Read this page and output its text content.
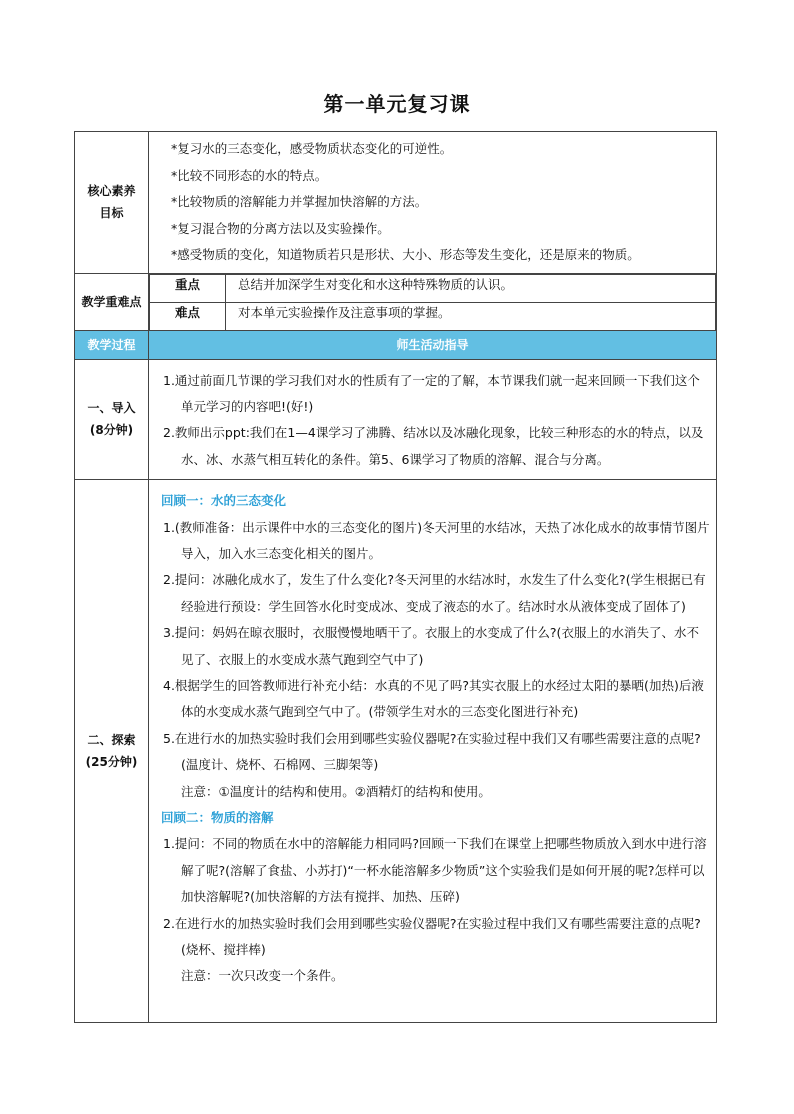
第一单元复习课
核心素养
目标

*复习水的三态变化，感受物质状态变化的可逆性。
*比较不同形态的水的特点。
*比较物质的溶解能力并掌握加快溶解的方法。
*复习混合物的分离方法以及实验操作。
*感受物质的变化，知道物质若只是形状、大小、形态等发生变化，还是原来的物质。

教学重难点	
重点	总结并加深学生对变化和水这种特殊物质的认识。
难点	对本单元实验操作及注意事项的掌握。

教学过程	师生活动指导

一、导入
(8分钟)

1.通过前面几节课的学习我们对水的性质有了一定的了解，本节课我们就一起来回顾一下我们这个单元学习的内容吧!(好!)

2.教师出示ppt:我们在1—4课学习了沸腾、结冰以及冰融化现象，比较三种形态的水的特点，以及水、冰、水蒸气相互转化的条件。第5、6课学习了物质的溶解、混合与分离。

二、探索
(25分钟)

回顾一：水的三态变化

1.(教师准备：出示课件中水的三态变化的图片)冬天河里的水结冰，天热了冰化成水的故事情节图片导入，加入水三态变化相关的图片。

2.提问：冰融化成水了，发生了什么变化?冬天河里的水结冰时，水发生了什么变化?(学生根据已有经验进行预设：学生回答水化时变成冰、变成了液态的水了。结冰时水从液体变成了固体了)

3.提问：妈妈在晾衣服时，衣服慢慢地晒干了。衣服上的水变成了什么?(衣服上的水消失了、水不见了、衣服上的水变成水蒸气跑到空气中了)

4.根据学生的回答教师进行补充小结：水真的不见了吗?其实衣服上的水经过太阳的暴晒(加热)后液体的水变成水蒸气跑到空气中了。(带领学生对水的三态变化图进行补充)

5.在进行水的加热实验时我们会用到哪些实验仪器呢?在实验过程中我们又有哪些需要注意的点呢?(温度计、烧杯、石棉网、三脚架等)

注意：①温度计的结构和使用。②酒精灯的结构和使用。

回顾二：物质的溶解

1.提问：不同的物质在水中的溶解能力相同吗?回顾一下我们在课堂上把哪些物质放入到水中进行溶解了呢?(溶解了食盐、小苏打)“一杯水能溶解多少物质”这个实验我们是如何开展的呢?怎样可以加快溶解呢?(加快溶解的方法有搅拌、加热、压碎)

2.在进行水的加热实验时我们会用到哪些实验仪器呢?在实验过程中我们又有哪些需要注意的点呢?(烧杯、搅拌棒)

注意：一次只改变一个条件。
